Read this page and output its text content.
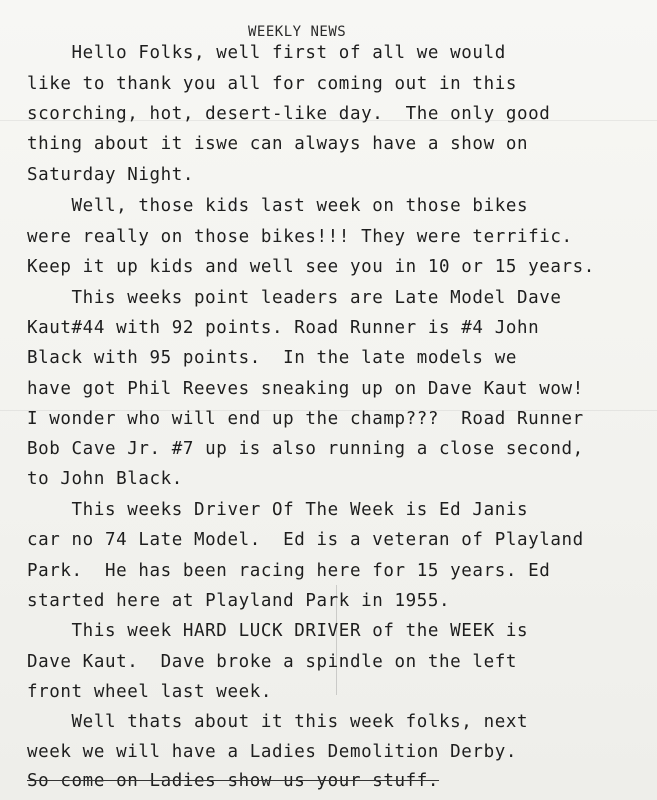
WEEKLY NEWS
Hello Folks, well first of all we would
like to thank you all for coming out in this
scorching, hot, desert-like day.  The only good
thing about it iswe can always have a show on
Saturday Night.
Well, those kids last week on those bikes
were really on those bikes!!! They were terrific.
Keep it up kids and well see you in 10 or 15 years.
This weeks point leaders are Late Model Dave
Kaut#44 with 92 points. Road Runner is #4 John
Black with 95 points.  In the late models we
have got Phil Reeves sneaking up on Dave Kaut wow!
I wonder who will end up the champ???  Road Runner
Bob Cave Jr. #7 up is also running a close second,
to John Black.
This weeks Driver Of The Week is Ed Janis
car no 74 Late Model.  Ed is a veteran of Playland
Park.  He has been racing here for 15 years. Ed
started here at Playland Park in 1955.
This week HARD LUCK DRIVER of the WEEK is
Dave Kaut.  Dave broke a spindle on the left
front wheel last week.
Well thats about it this week folks, next
week we will have a Ladies Demolition Derby.
So come on Ladies show us your stuff.
